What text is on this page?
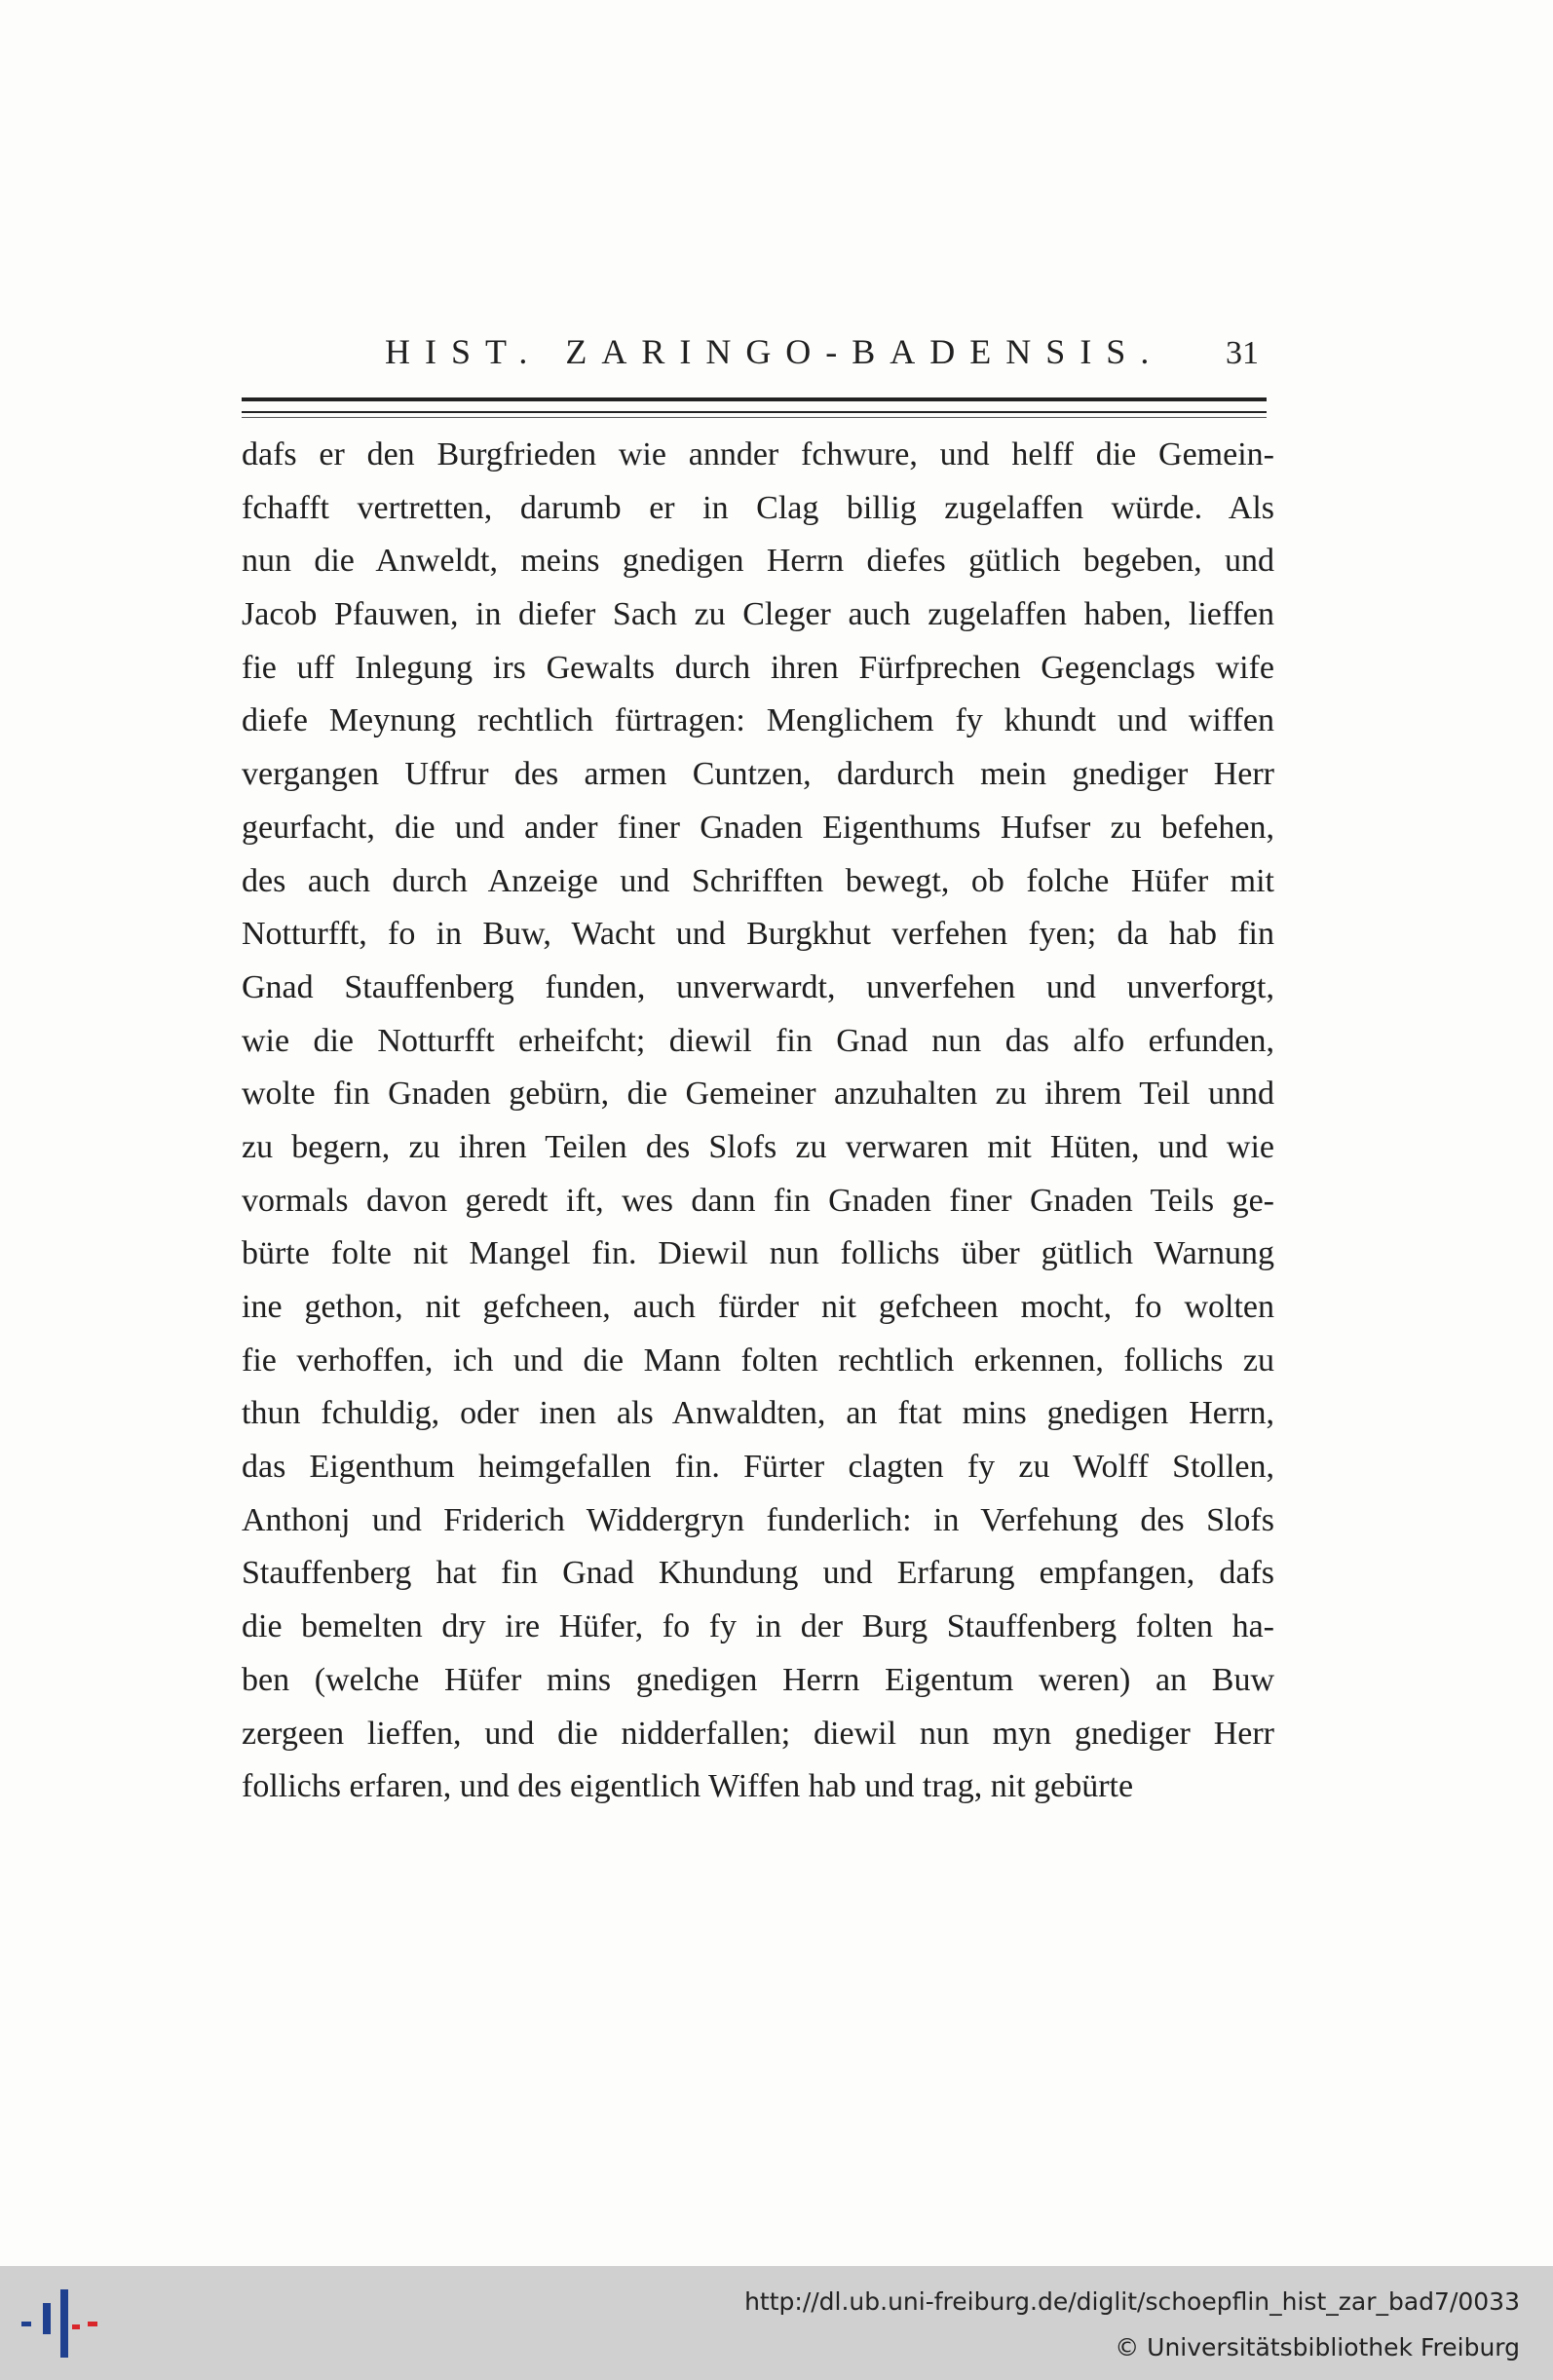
HIST. ZARINGO-BADENSIS. 31
dafs er den Burgfrieden wie annder fchwure, und helff die Gemein-
fchafft vertretten, darumb er in Clag billig zugelaffen würde. Als
nun die Anweldt, meins gnedigen Herrn diefes gütlich begeben, und
Jacob Pfauwen, in diefer Sach zu Cleger auch zugelaffen haben, lieffen
fie uff Inlegung irs Gewalts durch ihren Fürfprechen Gegenclags wife
diefe Meynung rechtlich fürtragen: Menglichem fy khundt und wiffen
vergangen Uffrur des armen Cuntzen, dardurch mein gnediger Herr
geurfacht, die und ander finer Gnaden Eigenthums Hufser zu befehen,
des auch durch Anzeige und Schrifften bewegt, ob folche Hüfer mit
Notturfft, fo in Buw, Wacht und Burgkhut verfehen fyen; da hab fin
Gnad Stauffenberg funden, unverwardt, unverfehen und unverforgt,
wie die Notturfft erheifcht; diewil fin Gnad nun das alfo erfunden,
wolte fin Gnaden gebürn, die Gemeiner anzuhalten zu ihrem Teil unnd
zu begern, zu ihren Teilen des Slofs zu verwaren mit Hüten, und wie
vormals davon geredt ift, wes dann fin Gnaden finer Gnaden Teils ge-
bürte folte nit Mangel fin. Diewil nun follichs über gütlich Warnung
ine gethon, nit gefcheen, auch fürder nit gefcheen mocht, fo wolten
fie verhoffen, ich und die Mann folten rechtlich erkennen, follichs zu
thun fchuldig, oder inen als Anwaldten, an ftat mins gnedigen Herrn,
das Eigenthum heimgefallen fin. Fürter clagten fy zu Wolff Stollen,
Anthonj und Friderich Widdergryn funderlich: in Verfehung des Slofs
Stauffenberg hat fin Gnad Khundung und Erfarung empfangen, dafs
die bemelten dry ire Hüfer, fo fy in der Burg Stauffenberg folten ha-
ben (welche Hüfer mins gnedigen Herrn Eigentum weren) an Buw
zergeen lieffen, und die nidderfallen; diewil nun myn gnediger Herr
follichs erfaren, und des eigentlich Wiffen hab und trag, nit gebürte
http://dl.ub.uni-freiburg.de/diglit/schoepflin_hist_zar_bad7/0033
© Universitätsbibliothek Freiburg
